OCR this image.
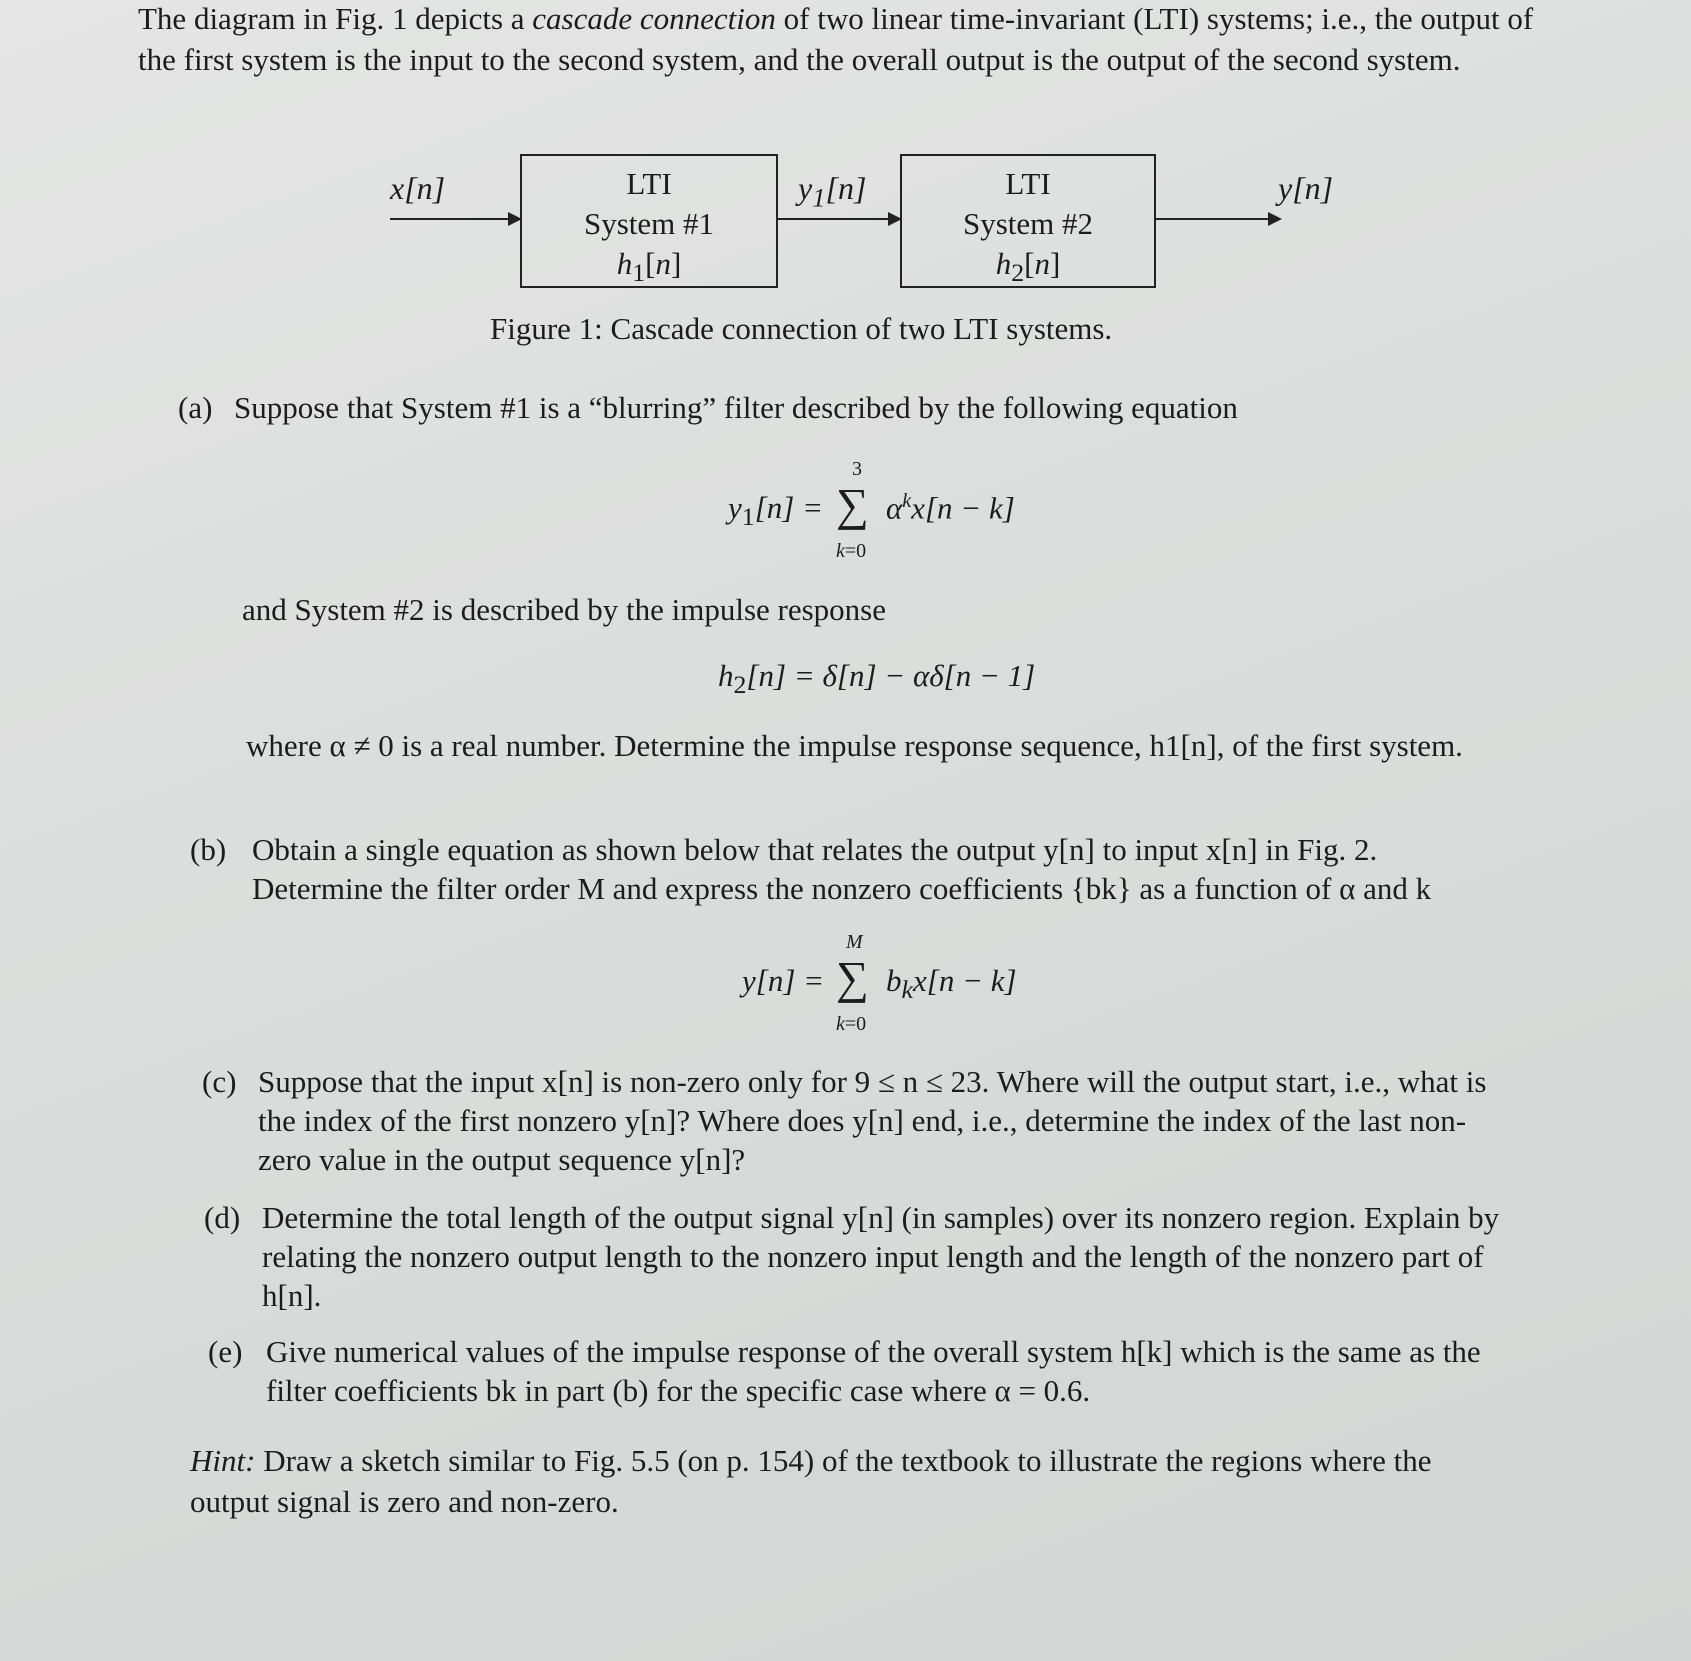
The diagram in Fig. 1 depicts a cascade connection of two linear time-invariant (LTI) systems; i.e., the output of the first system is the input to the second system, and the overall output is the output of the second system.
x[n]	LTI
System #1
$h_1[n]$
$y_1[n]$	LTI
System #2
$h_2[n]$
y[n]
Figure 1: Cascade connection of two LTI systems.
(a) Suppose that System #1 is a “blurring” filter described by the following equation
$y_1[n]$ = ∑
3
k=0
$\alpha^kx[n - k]$
and System #2 is described by the impulse response
$h_2[n] = \delta[n] - \alpha\delta[n - 1]$
where α ≠ 0 is a real number. Determine the impulse response sequence, h1[n], of the first system.
(b) Obtain a single equation as shown below that relates the output y[n] to input x[n] in Fig. 2. Determine the filter order M and express the nonzero coefficients {bk} as a function of α and k
y[n] = ∑
M
k=0
$b_kx[n - k]$
(c) Suppose that the input x[n] is non-zero only for 9 ≤ n ≤ 23. Where will the output start, i.e., what is the index of the first nonzero y[n]? Where does y[n] end, i.e., determine the index of the last non-zero value in the output sequence y[n]?
(d) Determine the total length of the output signal y[n] (in samples) over its nonzero region. Explain by relating the nonzero output length to the nonzero input length and the length of the nonzero part of h[n].
(e) Give numerical values of the impulse response of the overall system h[k] which is the same as the filter coefficients bk in part (b) for the specific case where α = 0.6.
Hint: Draw a sketch similar to Fig. 5.5 (on p. 154) of the textbook to illustrate the regions where the output signal is zero and non-zero.
